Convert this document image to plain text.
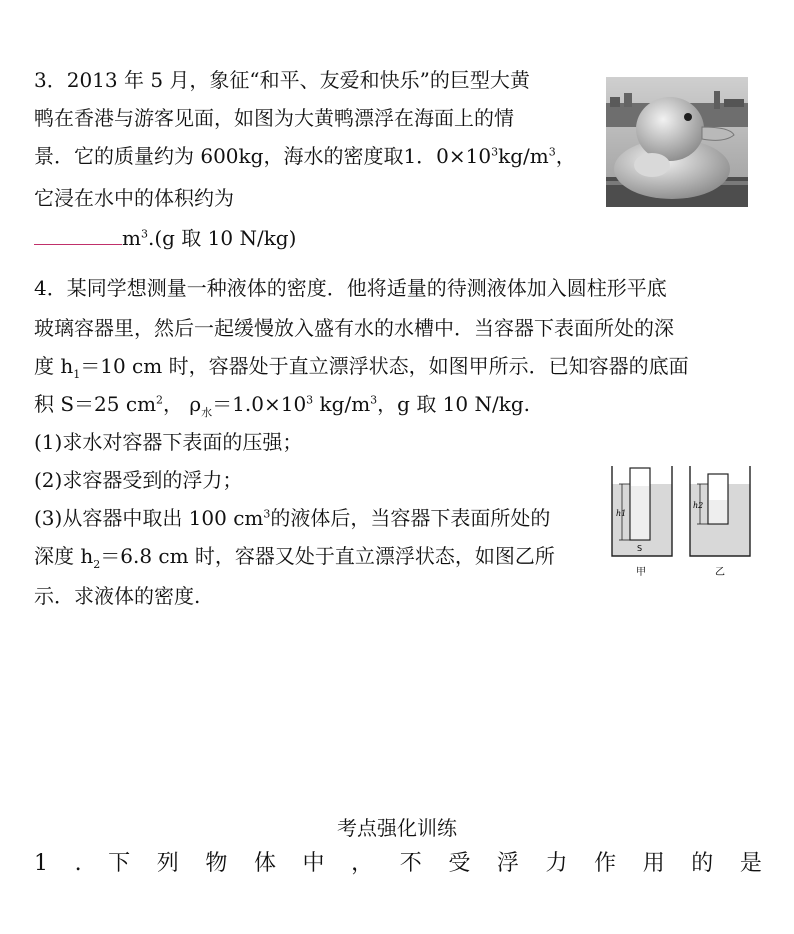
3．2013 年 5 月，象征“和平、友爱和快乐”的巨型大黄
鸭在香港与游客见面，如图为大黄鸭漂浮在海面上的情
景．它的质量约为 600kg，海水的密度取1．$0\times 10^3kg/m^3$，
它浸在水中的体积约为
$m^3.(g$ 取 10 N/kg)
4．某同学想测量一种液体的密度．他将适量的待测液体加入圆柱形平底
玻璃容器里，然后一起缓慢放入盛有水的水槽中．当容器下表面所处的深
度 $h_1=10$ cm 时，容器处于直立漂浮状态，如图甲所示．已知容器的底面
积 S＝25 $cm^2$， $\rho_水=1.0\times 10^3$ $kg/m^3$，g 取 10 N/kg.
(1)求水对容器下表面的压强；
(2)求容器受到的浮力；
(3)从容器中取出 100 $cm^3$的液体后，当容器下表面所处的
深度 $h_2=6.8$ cm 时，容器又处于直立漂浮状态，如图乙所
示．求液体的密度.
h1
S
甲
h2
乙
考点强化训练
1 . 下 列 物 体 中 ， 不 受 浮 力 作 用 的 是
